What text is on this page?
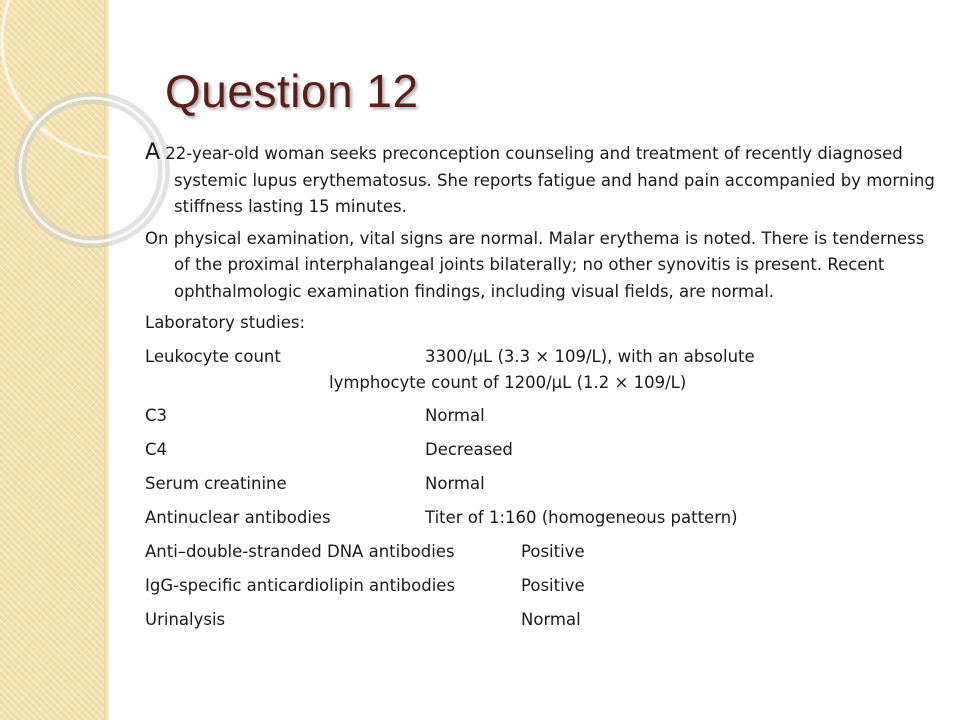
Question 12

A 22-year-old woman seeks preconception counseling and treatment of recently diagnosed systemic lupus erythematosus. She reports fatigue and hand pain accompanied by morning stiffness lasting 15 minutes.

On physical examination, vital signs are normal. Malar erythema is noted. There is tenderness of the proximal interphalangeal joints bilaterally; no other synovitis is present. Recent ophthalmologic examination findings, including visual fields, are normal.

Laboratory studies:

Leukocyte count	3300/μL (3.3 × 109/L), with an absolute
lymphocyte count of 1200/μL (1.2 × 109/L)
C3	Normal
C4	Decreased
Serum creatinine	Normal
Antinuclear antibodies	Titer of 1:160 (homogeneous pattern)
Anti–double-stranded DNA antibodies	Positive
IgG-specific anticardiolipin antibodies	Positive
Urinalysis	Normal
